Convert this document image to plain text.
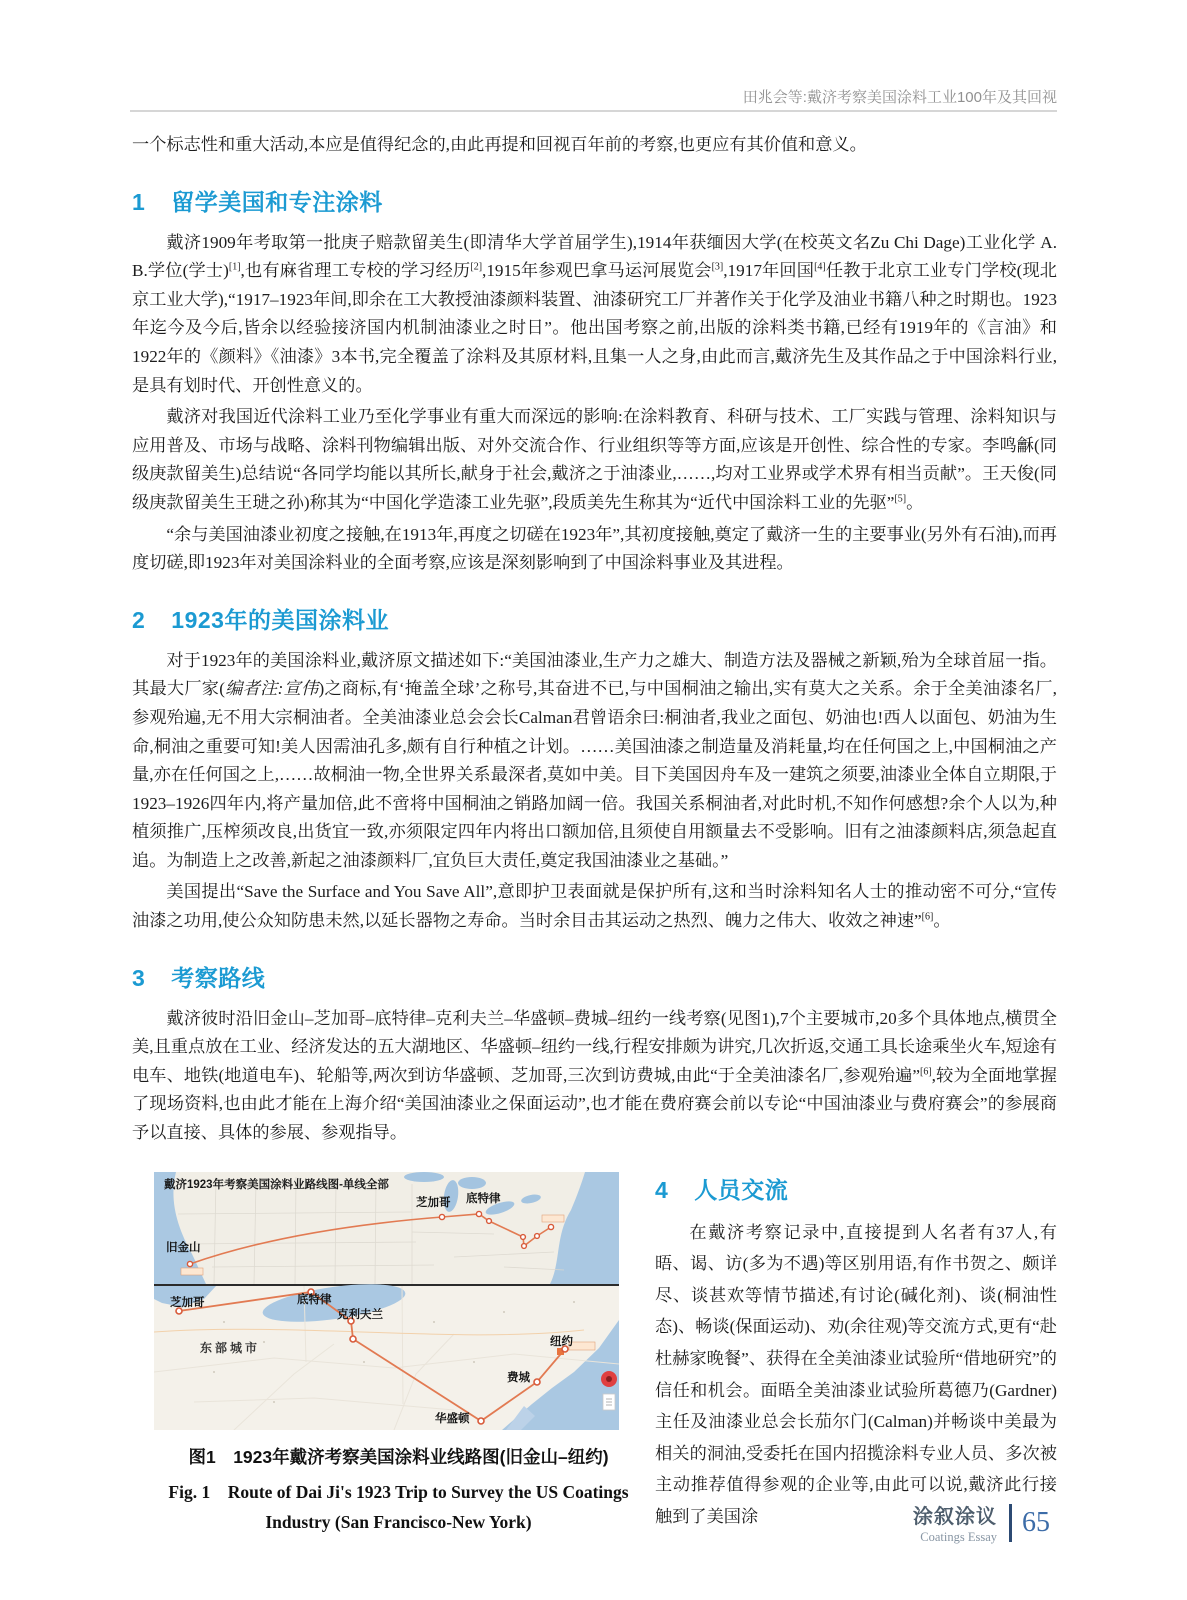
田兆会等:戴济考察美国涂料工业100年及其回视

一个标志性和重大活动,本应是值得纪念的,由此再提和回视百年前的考察,也更应有其价值和意义。

1 留学美国和专注涂料

戴济1909年考取第一批庚子赔款留美生(即清华大学首届学生),1914年获缅因大学(在校英文名Zu Chi Dage)工业化学 A. B.学位(学士)[1],也有麻省理工专校的学习经历[2],1915年参观巴拿马运河展览会[3],1917年回国[4]任教于北京工业专门学校(现北京工业大学),“1917–1923年间,即余在工大教授油漆颜料装置、油漆研究工厂并著作关于化学及油业书籍八种之时期也。1923年迄今及今后,皆余以经验接济国内机制油漆业之时日”。他出国考察之前,出版的涂料类书籍,已经有1919年的《言油》和1922年的《颜料》《油漆》3本书,完全覆盖了涂料及其原材料,且集一人之身,由此而言,戴济先生及其作品之于中国涂料行业,是具有划时代、开创性意义的。

戴济对我国近代涂料工业乃至化学事业有重大而深远的影响:在涂料教育、科研与技术、工厂实践与管理、涂料知识与应用普及、市场与战略、涂料刊物编辑出版、对外交流合作、行业组织等等方面,应该是开创性、综合性的专家。李鸣龢(同级庚款留美生)总结说“各同学均能以其所长,献身于社会,戴济之于油漆业,……,均对工业界或学术界有相当贡献”。王天俊(同级庚款留美生王琎之孙)称其为“中国化学造漆工业先驱”,段质美先生称其为“近代中国涂料工业的先驱”[5]。

“余与美国油漆业初度之接触,在1913年,再度之切磋在1923年”,其初度接触,奠定了戴济一生的主要事业(另外有石油),而再度切磋,即1923年对美国涂料业的全面考察,应该是深刻影响到了中国涂料事业及其进程。

2 1923年的美国涂料业

对于1923年的美国涂料业,戴济原文描述如下:“美国油漆业,生产力之雄大、制造方法及器械之新颖,殆为全球首屈一指。其最大厂家(编者注:宣伟)之商标,有‘掩盖全球’之称号,其奋进不已,与中国桐油之输出,实有莫大之关系。余于全美油漆名厂,参观殆遍,无不用大宗桐油者。全美油漆业总会会长Calman君曾语余曰:桐油者,我业之面包、奶油也!西人以面包、奶油为生命,桐油之重要可知!美人因需油孔多,颇有自行种植之计划。……美国油漆之制造量及消耗量,均在任何国之上,中国桐油之产量,亦在任何国之上,……故桐油一物,全世界关系最深者,莫如中美。目下美国因舟车及一建筑之须要,油漆业全体自立期限,于1923–1926四年内,将产量加倍,此不啻将中国桐油之销路加阔一倍。我国关系桐油者,对此时机,不知作何感想?余个人以为,种植须推广,压榨须改良,出货宜一致,亦须限定四年内将出口额加倍,且须使自用额量去不受影响。旧有之油漆颜料店,须急起直追。为制造上之改善,新起之油漆颜料厂,宜负巨大责任,奠定我国油漆业之基础。”

美国提出“Save the Surface and You Save All”,意即护卫表面就是保护所有,这和当时涂料知名人士的推动密不可分,“宣传油漆之功用,使公众知防患未然,以延长器物之寿命。当时余目击其运动之热烈、魄力之伟大、收效之神速”[6]。

3 考察路线

戴济彼时沿旧金山–芝加哥–底特律–克利夫兰–华盛顿–费城–纽约一线考察(见图1),7个主要城市,20多个具体地点,横贯全美,且重点放在工业、经济发达的五大湖地区、华盛顿–纽约一线,行程安排颇为讲究,几次折返,交通工具长途乘坐火车,短途有电车、地铁(地道电车)、轮船等,两次到访华盛顿、芝加哥,三次到访费城,由此“于全美油漆名厂,参观殆遍”[6],较为全面地掌握了现场资料,也由此才能在上海介绍“美国油漆业之保面运动”,也才能在费府赛会前以专论“中国油漆业与费府赛会”的参展商予以直接、具体的参展、参观指导。

戴济1923年考察美国涂料业路线图-单线全部
旧金山
芝加哥 底特律
芝加哥	底特律
克利夫兰
东部城市	纽约
费城
华盛顿
图1　1923年戴济考察美国涂料业线路图(旧金山–纽约)
Fig. 1　Route of Dai Ji's 1923 Trip to Survey the US Coatings
Industry (San Francisco-New York)
4 人员交流

在戴济考察记录中,直接提到人名者有37人,有晤、谒、访(多为不遇)等区别用语,有作书贺之、颇详尽、谈甚欢等情节描述,有讨论(碱化剂)、谈(桐油性态)、畅谈(保面运动)、劝(余往观)等交流方式,更有“赴杜赫家晚餐”、获得在全美油漆业试验所“借地研究”的信任和机会。面晤全美油漆业试验所葛德乃(Gardner)主任及油漆业总会长茄尔门(Calman)并畅谈中美最为相关的洞油,受委托在国内招揽涂料专业人员、多次被主动推荐值得参观的企业等,由此可以说,戴济此行接触到了美国涂	涂叙涂议
Coatings Essay 65
